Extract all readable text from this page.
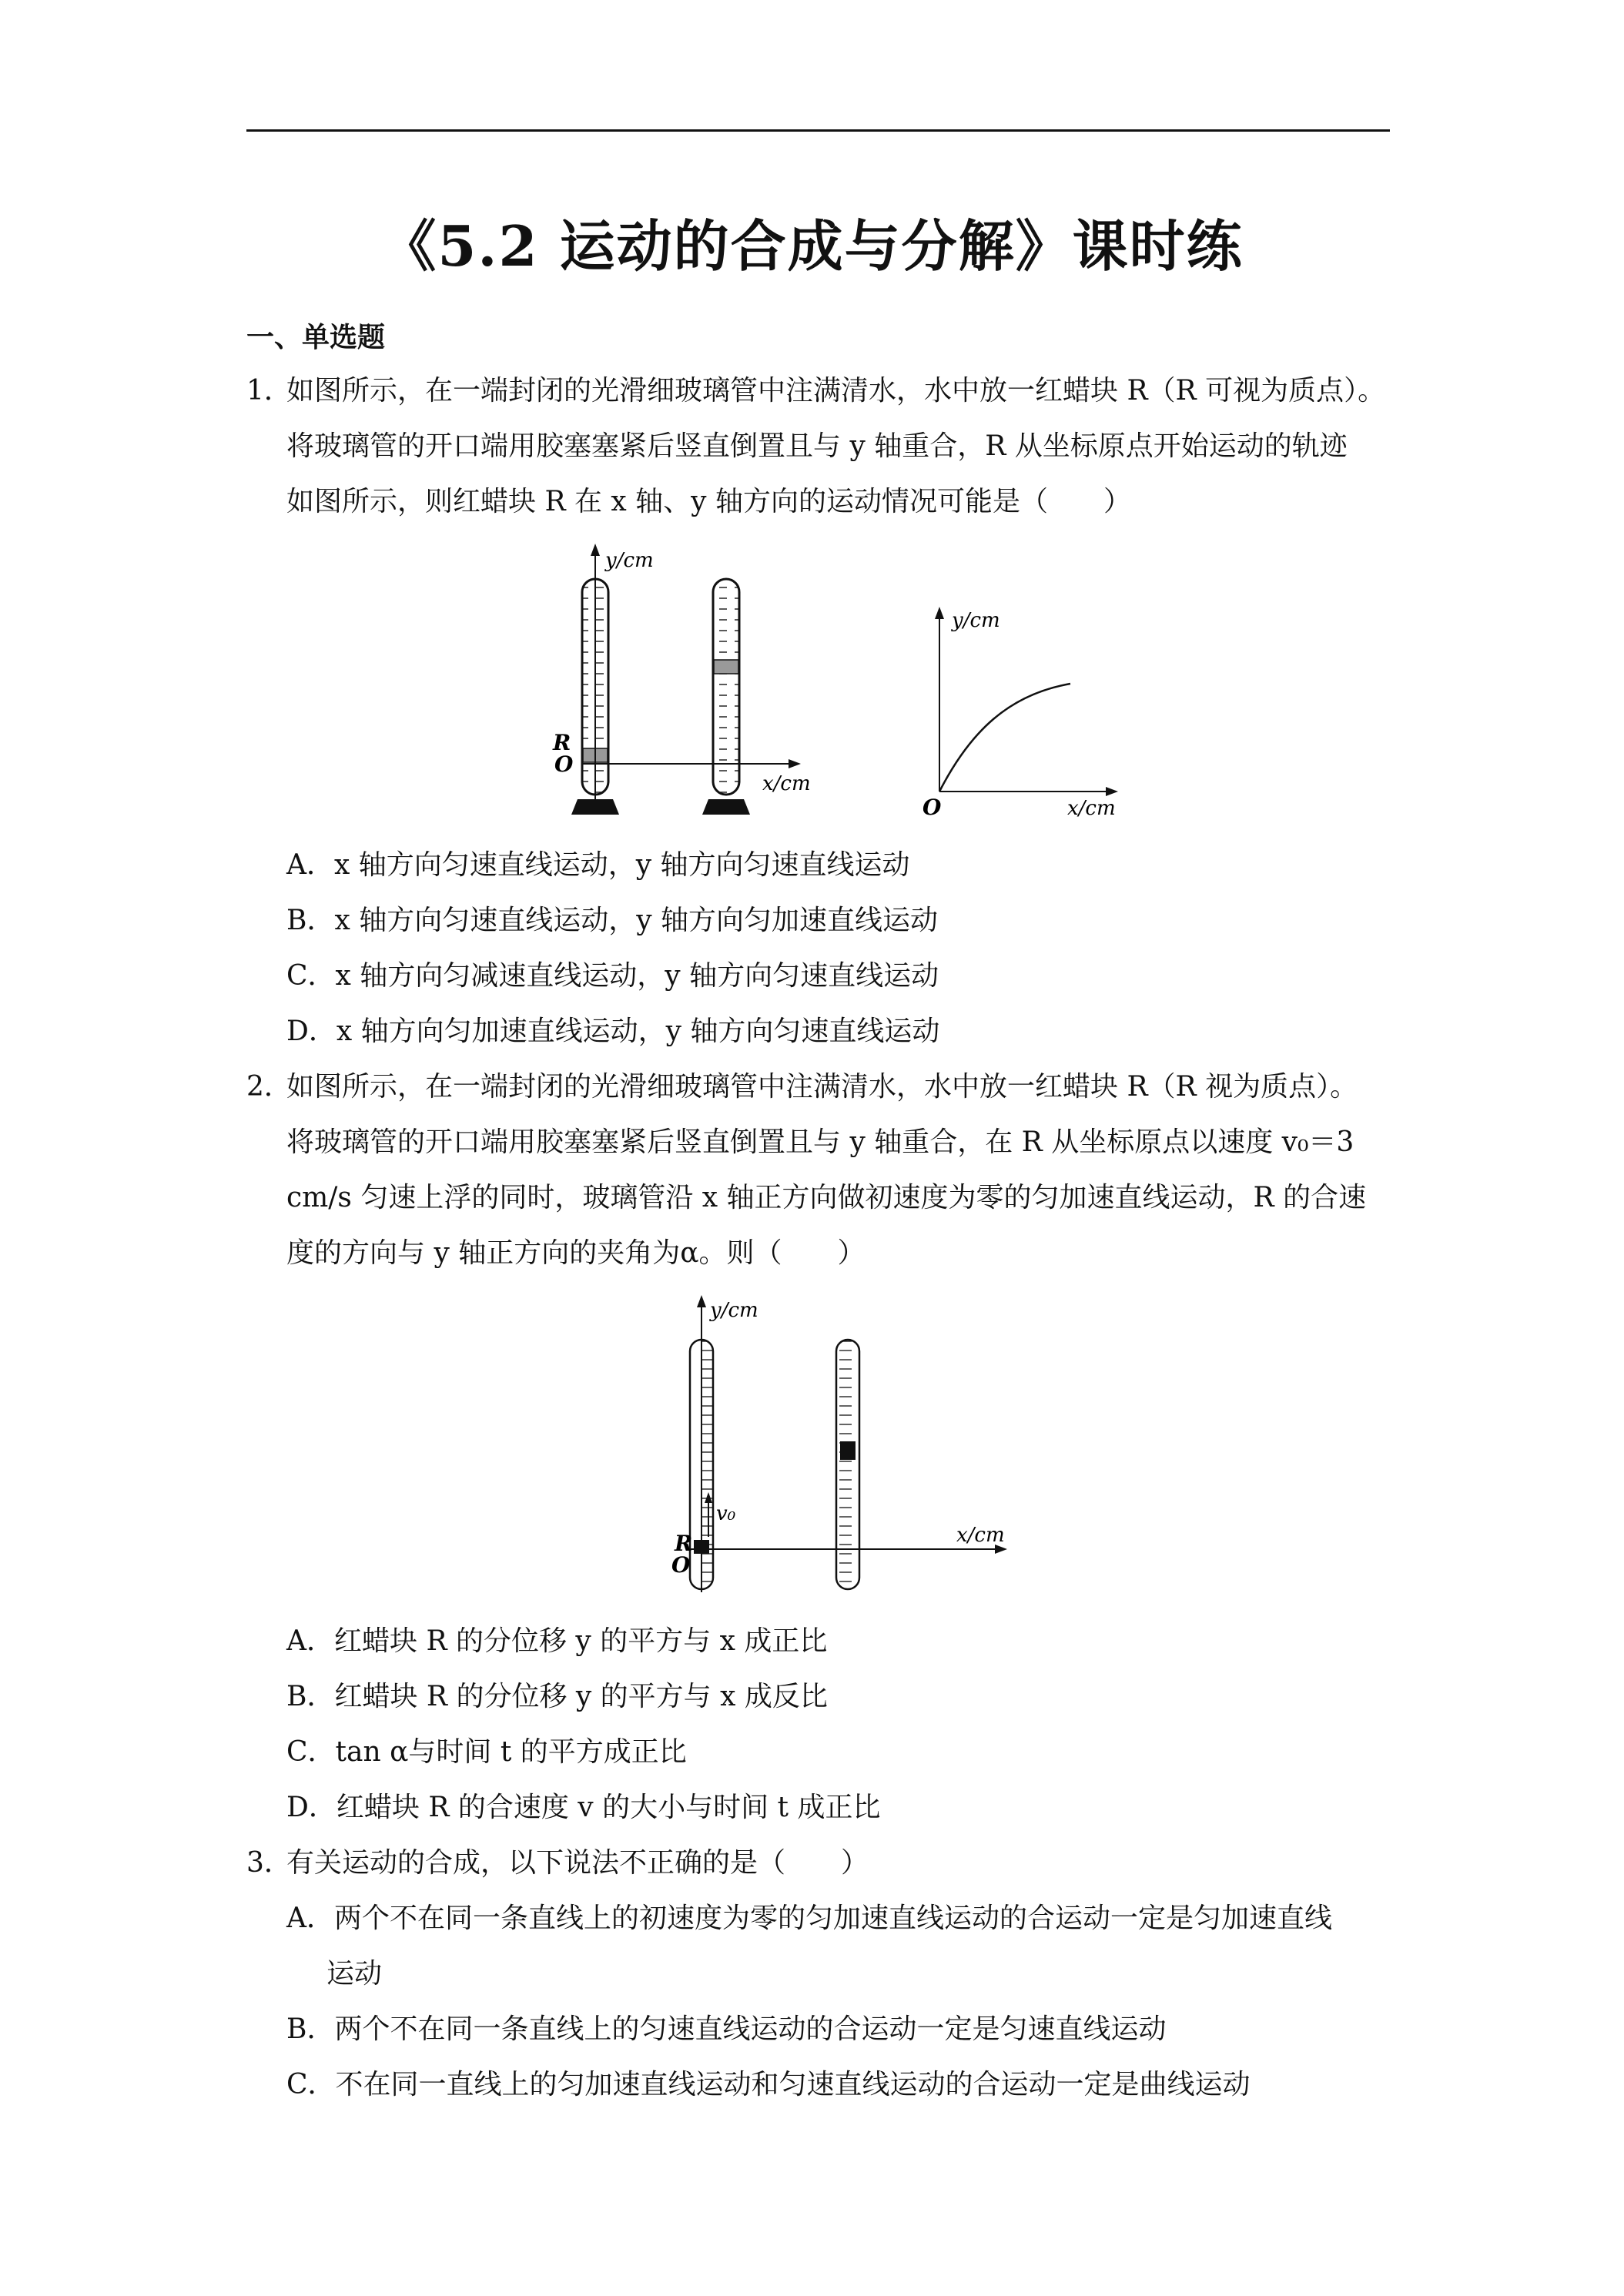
《5.2 运动的合成与分解》课时练
一、单选题
1．
如图所示，在一端封闭的光滑细玻璃管中注满清水，水中放一红蜡块 R（R 可视为质点）。
将玻璃管的开口端用胶塞塞紧后竖直倒置且与 y 轴重合，R 从坐标原点开始运动的轨迹
如图所示，则红蜡块 R 在 x 轴、y 轴方向的运动情况可能是（　　）
y/cm
x/cm
R
O
y/cm
x/cm
O
A．x 轴方向匀速直线运动，y 轴方向匀速直线运动
B．x 轴方向匀速直线运动，y 轴方向匀加速直线运动
C．x 轴方向匀减速直线运动，y 轴方向匀速直线运动
D．x 轴方向匀加速直线运动，y 轴方向匀速直线运动
2．
如图所示，在一端封闭的光滑细玻璃管中注满清水，水中放一红蜡块 R（R 视为质点）。
将玻璃管的开口端用胶塞塞紧后竖直倒置且与 y 轴重合，在 R 从坐标原点以速度 v₀＝3
cm/s 匀速上浮的同时，玻璃管沿 x 轴正方向做初速度为零的匀加速直线运动，R 的合速
度的方向与 y 轴正方向的夹角为α。则（　　）
y/cm
x/cm
v₀
R
O
A．红蜡块 R 的分位移 y 的平方与 x 成正比
B．红蜡块 R 的分位移 y 的平方与 x 成反比
C．tan α与时间 t 的平方成正比
D．红蜡块 R 的合速度 v 的大小与时间 t 成正比
3．
有关运动的合成，以下说法不正确的是（　　）
A．两个不在同一条直线上的初速度为零的匀加速直线运动的合运动一定是匀加速直线
运动
B．两个不在同一条直线上的匀速直线运动的合运动一定是匀速直线运动
C．不在同一直线上的匀加速直线运动和匀速直线运动的合运动一定是曲线运动
